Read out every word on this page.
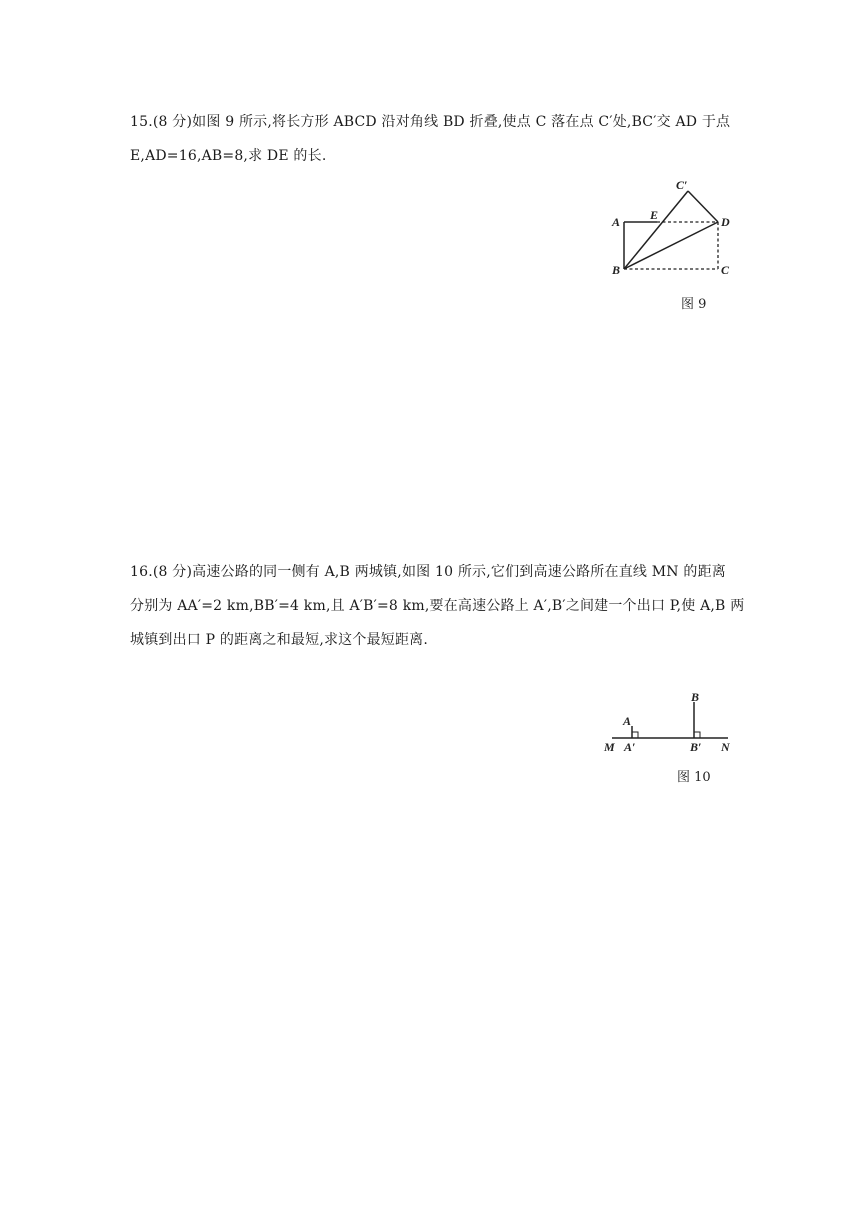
15.(8 分)如图 9 所示,将长方形 ABCD 沿对角线 BD 折叠,使点 C 落在点 C′处,BC′交 AD 于点
E,AD=16,AB=8,求 DE 的长.
C′
A E	D
B	C
图 9
16.(8 分)高速公路的同一侧有 A,B 两城镇,如图 10 所示,它们到高速公路所在直线 MN 的距离
分别为 AA′=2 km,BB′=4 km,且 A′B′=8 km,要在高速公路上 A′,B′之间建一个出口 P,使 A,B 两
城镇到出口 P 的距离之和最短,求这个最短距离.
B
A
M A′	B′ N
图 10
